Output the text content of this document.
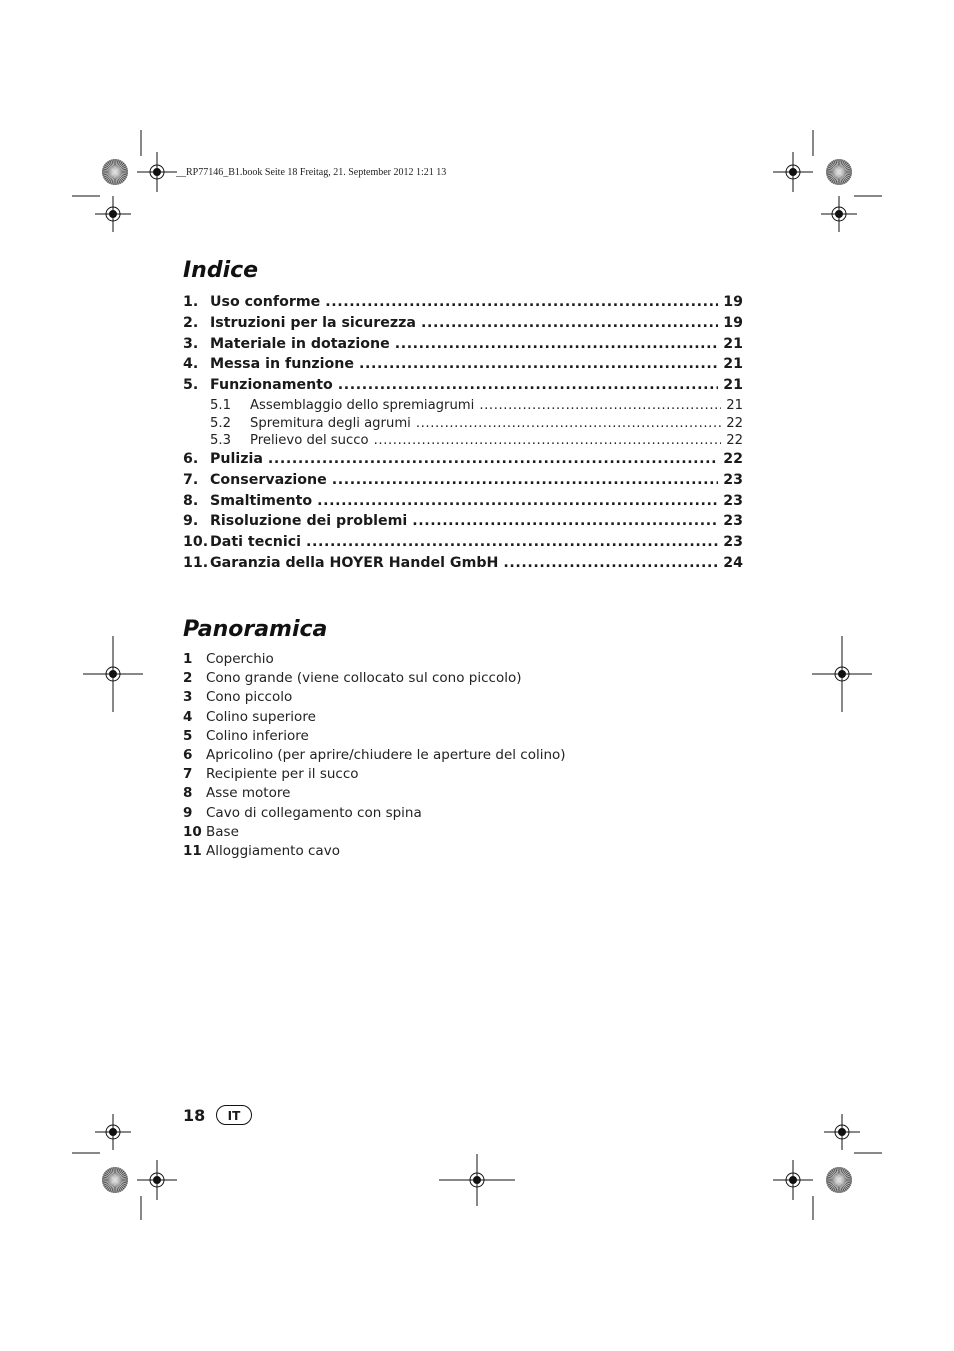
__RP77146_B1.book Seite 18 Freitag, 21. September 2012 1:21 13
Indice
1. Uso conforme .....	19
2. Istruzioni per la sicurezza .....	19
3. Materiale in dotazione .....	21
4. Messa in funzione .....	21
5. Funzionamento .....	21
5.1	Assemblaggio dello spremiagrumi .....	21
5.2	Spremitura degli agrumi .....	22
5.3	Prelievo del succo .....	22
6. Pulizia .....	22
7. Conservazione .....	23
8. Smaltimento .....	23
9. Risoluzione dei problemi .....	23
10. Dati tecnici .....	23
11. Garanzia della HOYER Handel GmbH .....	24
Panoramica
1	Coperchio
2	Cono grande (viene collocato sul cono piccolo)
3	Cono piccolo
4	Colino superiore
5	Colino inferiore
6	Apricolino (per aprire/chiudere le aperture del colino)
7	Recipiente per il succo
8	Asse motore
9	Cavo di collegamento con spina
10 Base
11 Alloggiamento cavo
18	IT
